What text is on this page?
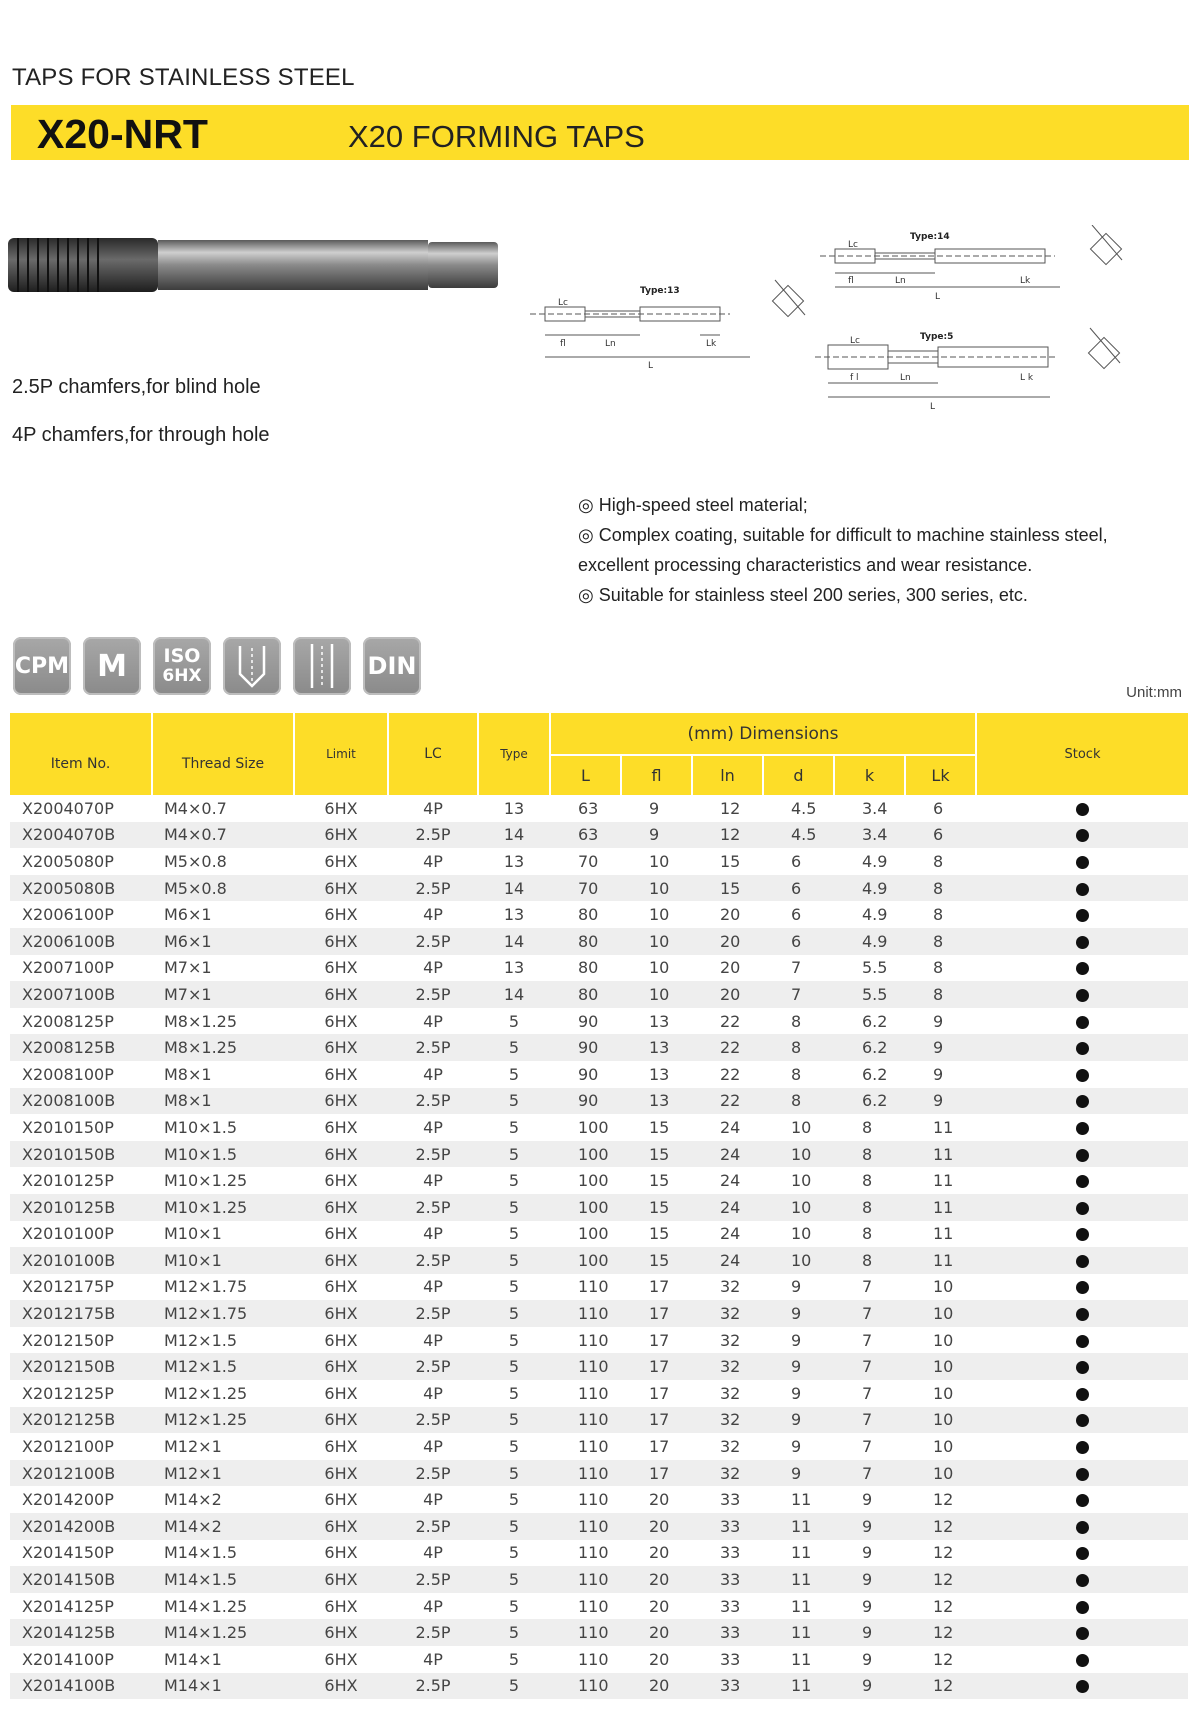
TAPS FOR STAINLESS STEEL
X20-NRT	X20 FORMING TAPS
2.5P chamfers,for blind hole
4P chamfers,for through hole
Type:13
Lc
fl	Ln
L
Lk
Type:14
Lc
fl	Ln
L
Lk
Type:5
Lc
f l	Ln
L
L k
◎ High-speed steel material;
◎ Complex coating, suitable for difficult to machine stainless steel,
excellent processing characteristics and wear resistance.
◎ Suitable for stainless steel 200 series, 300 series, etc.
CPM M	ISO
6HX	DIN
Unit:mm
Item No.	Thread Size	Limit	LC	Type	(mm) Dimensions						Stock
					L	fl	ln	d	k	Lk	
X2004070P	M4×0.7	6HX	4P	13	63	9	12	4.5	3.4	6	
X2004070B	M4×0.7	6HX	2.5P	14	63	9	12	4.5	3.4	6	
X2005080P	M5×0.8	6HX	4P	13	70	10	15	6	4.9	8	
X2005080B	M5×0.8	6HX	2.5P	14	70	10	15	6	4.9	8	
X2006100P	M6×1	6HX	4P	13	80	10	20	6	4.9	8	
X2006100B	M6×1	6HX	2.5P	14	80	10	20	6	4.9	8	
X2007100P	M7×1	6HX	4P	13	80	10	20	7	5.5	8	
X2007100B	M7×1	6HX	2.5P	14	80	10	20	7	5.5	8	
X2008125P	M8×1.25	6HX	4P	5	90	13	22	8	6.2	9	
X2008125B	M8×1.25	6HX	2.5P	5	90	13	22	8	6.2	9	
X2008100P	M8×1	6HX	4P	5	90	13	22	8	6.2	9	
X2008100B	M8×1	6HX	2.5P	5	90	13	22	8	6.2	9	
X2010150P	M10×1.5	6HX	4P	5	100	15	24	10	8	11	
X2010150B	M10×1.5	6HX	2.5P	5	100	15	24	10	8	11	
X2010125P	M10×1.25	6HX	4P	5	100	15	24	10	8	11	
X2010125B	M10×1.25	6HX	2.5P	5	100	15	24	10	8	11	
X2010100P	M10×1	6HX	4P	5	100	15	24	10	8	11	
X2010100B	M10×1	6HX	2.5P	5	100	15	24	10	8	11	
X2012175P	M12×1.75	6HX	4P	5	110	17	32	9	7	10	
X2012175B	M12×1.75	6HX	2.5P	5	110	17	32	9	7	10	
X2012150P	M12×1.5	6HX	4P	5	110	17	32	9	7	10	
X2012150B	M12×1.5	6HX	2.5P	5	110	17	32	9	7	10	
X2012125P	M12×1.25	6HX	4P	5	110	17	32	9	7	10	
X2012125B	M12×1.25	6HX	2.5P	5	110	17	32	9	7	10	
X2012100P	M12×1	6HX	4P	5	110	17	32	9	7	10	
X2012100B	M12×1	6HX	2.5P	5	110	17	32	9	7	10	
X2014200P	M14×2	6HX	4P	5	110	20	33	11	9	12	
X2014200B	M14×2	6HX	2.5P	5	110	20	33	11	9	12	
X2014150P	M14×1.5	6HX	4P	5	110	20	33	11	9	12	
X2014150B	M14×1.5	6HX	2.5P	5	110	20	33	11	9	12	
X2014125P	M14×1.25	6HX	4P	5	110	20	33	11	9	12	
X2014125B	M14×1.25	6HX	2.5P	5	110	20	33	11	9	12	
X2014100P	M14×1	6HX	4P	5	110	20	33	11	9	12	
X2014100B	M14×1	6HX	2.5P	5	110	20	33	11	9	12	
